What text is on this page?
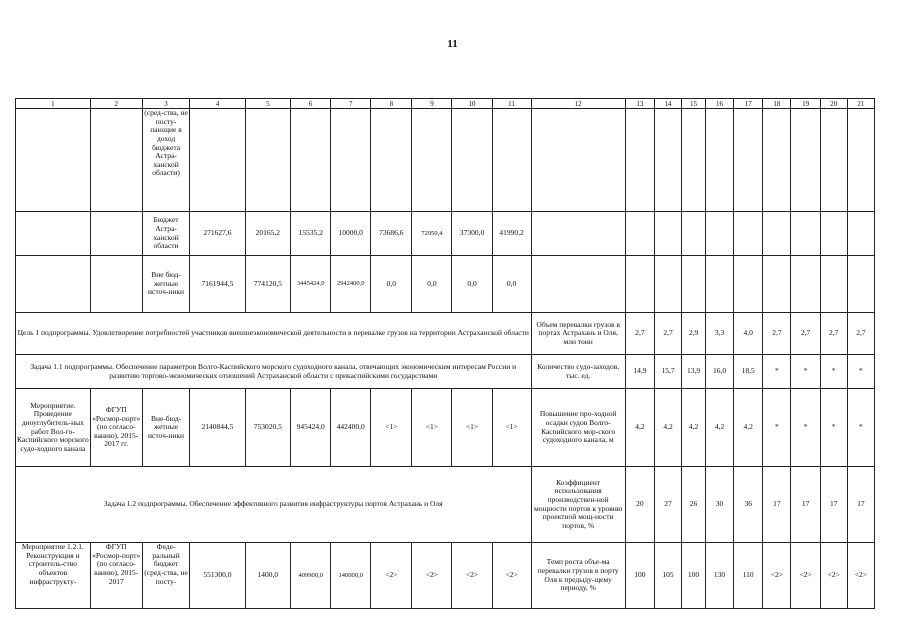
11
1	2	3	4	5	6	7	8	9	10	11	12	13	14	15	16	17	18	19	20	21
		(сред-ства, не посту-пающие в доход бюджета Астра-ханской области)																		
		Бюджет Астра-ханской области	271627,6	20165,2	15535,2	10000,0	73686,6	72950,4	37300,0	41990,2										
		Вне бюд-жетные источ-ники	7161944,5	774120,5	3445424,0	2942400,0	0,0	0,0	0,0	0,0										
Цель 1 подпрограммы. Удовлетворение потребностей участников внешнеэкономической деятельности в перевалке грузов на территории Астраханской области											Объем перевалки грузов в портах Астрахань и Оля, млн тонн	2,7	2,7	2,9	3,3	4,0	2,7	2,7	2,7	2,7
Задача 1.1 подпрограммы. Обеспечение параметров Волго-Каспийского морского судоходного канала, отвечающих экономическим интересам России и развитию торгово-экономических отношений Астраханской области с прикаспийскими государствами											Количество судо-заходов, тыс. ед.	14,9	15,7	13,9	16,0	18,5	*	*	*	*
Мероприятие. Проведение дноуглубитель-ных работ Вол-го-Каспийского морского судо-ходного канала	ФГУП «Росмор-порт» (по согласо-ванию), 2015-2017 гг.	Вне-бюд-жетные источ-ники	2140844,5	753020,5	945424,0	442400,0	<1>	<1>	<1>	<1>	Повышение про-ходной осадки судов Волго-Каспийского мор-ского судоходного канала, м	4,2	4,2	4,2	4,2	4,2	*	*	*	*
Задача 1.2 подпрограммы. Обеспечение эффективного развития инфраструктуры портов Астрахань и Оля											Коэффициент использования производствен-ной мощности портов к уровню проектной мощ-ности портов, %	20	27	26	30	36	17	17	17	17
Мероприятие 1.2.1. Реконструкция и строитель-ство объектов инфраструкту-	ФГУП «Росмор-порт» (по согласо-ванию), 2015-2017	Феде-ральный бюджет (сред-ства, не посту-	551300,0	1400,0	409900,0	140000,0	<2>	<2>	<2>	<2>	Темп роста объе-ма перевалки грузов в порту Оля к предыду-щему периоду, %	100	105	100	130	110	<2>	<2>	<2>	<2>
